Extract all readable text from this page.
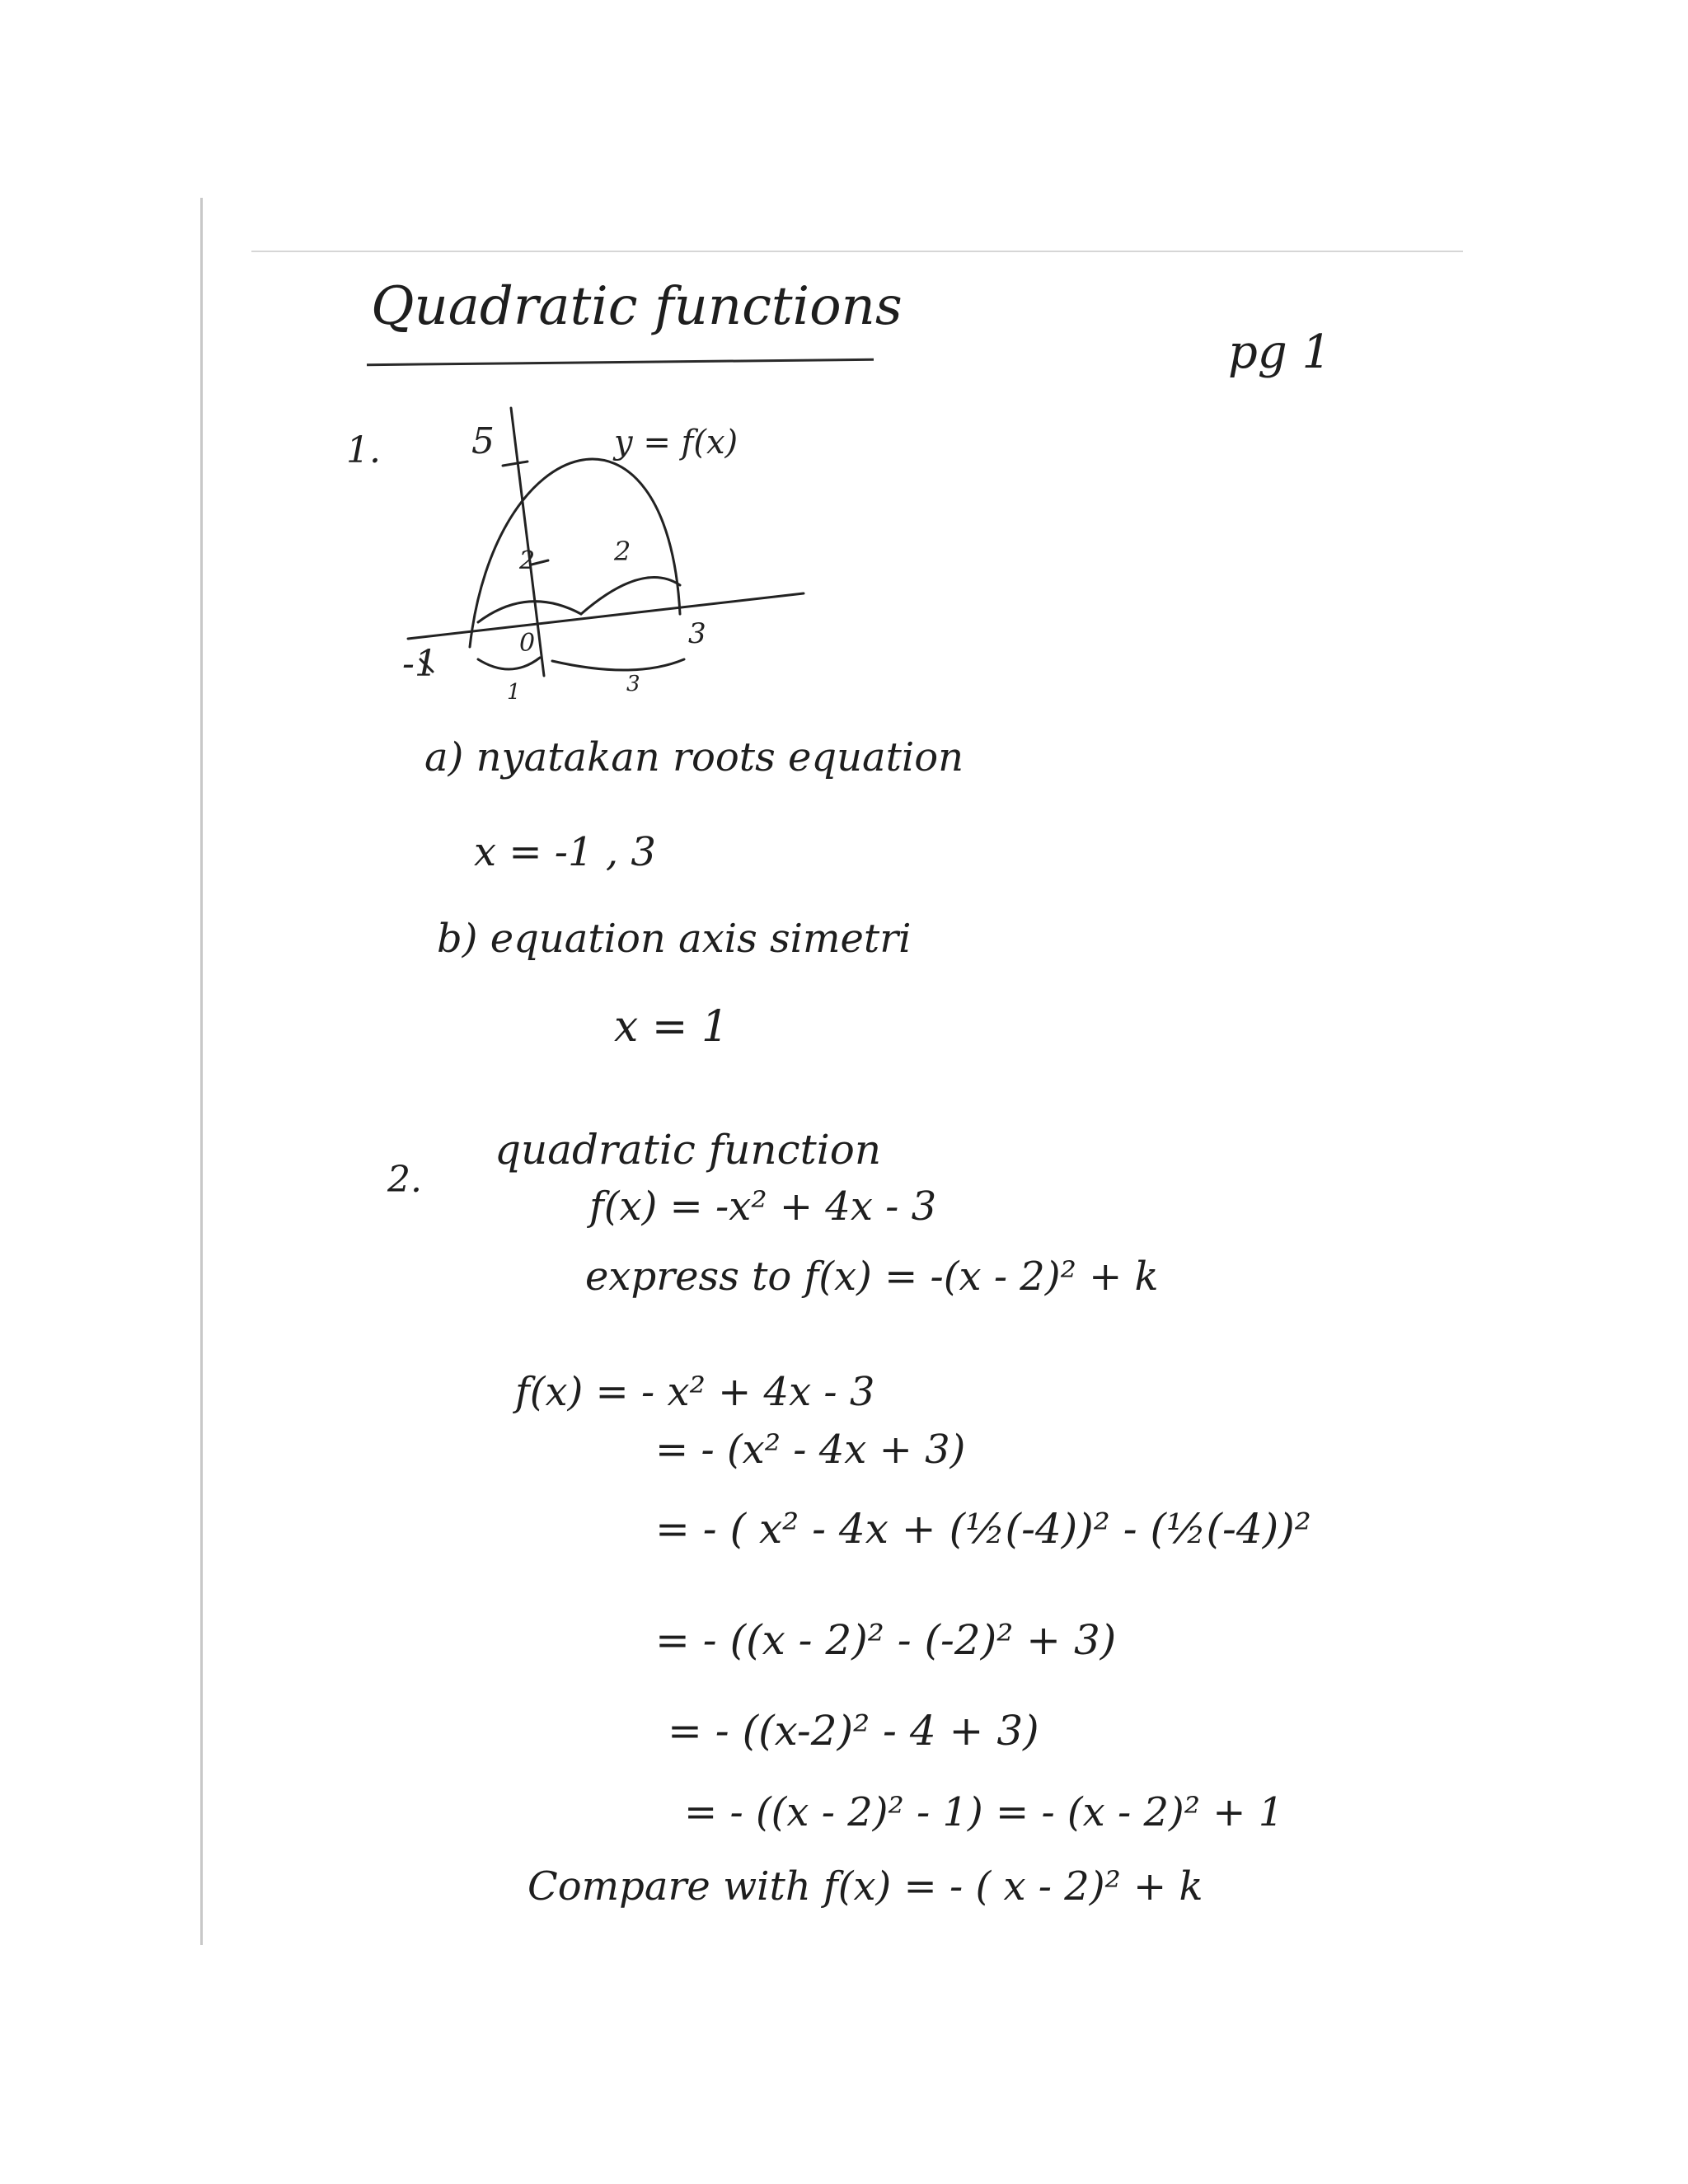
Quadratic functions
pg 1
1.	5	y = f(x)
-1	0	3
2	2
1	3
a) nyatakan roots equation
x = -1 , 3
b) equation axis simetri
x = 1
2.
quadratic function
f(x) = -x² + 4x - 3
express to f(x) = -(x - 2)² + k
f(x) = - x² + 4x - 3
= - (x² - 4x + 3)
= - ( x² - 4x + (½(-4))² - (½(-4))²
= - ((x - 2)² - (-2)² + 3)
= - ((x-2)² - 4 + 3)
= - ((x - 2)² - 1) = - (x - 2)² + 1
Compare with f(x) = - ( x - 2)² + k
